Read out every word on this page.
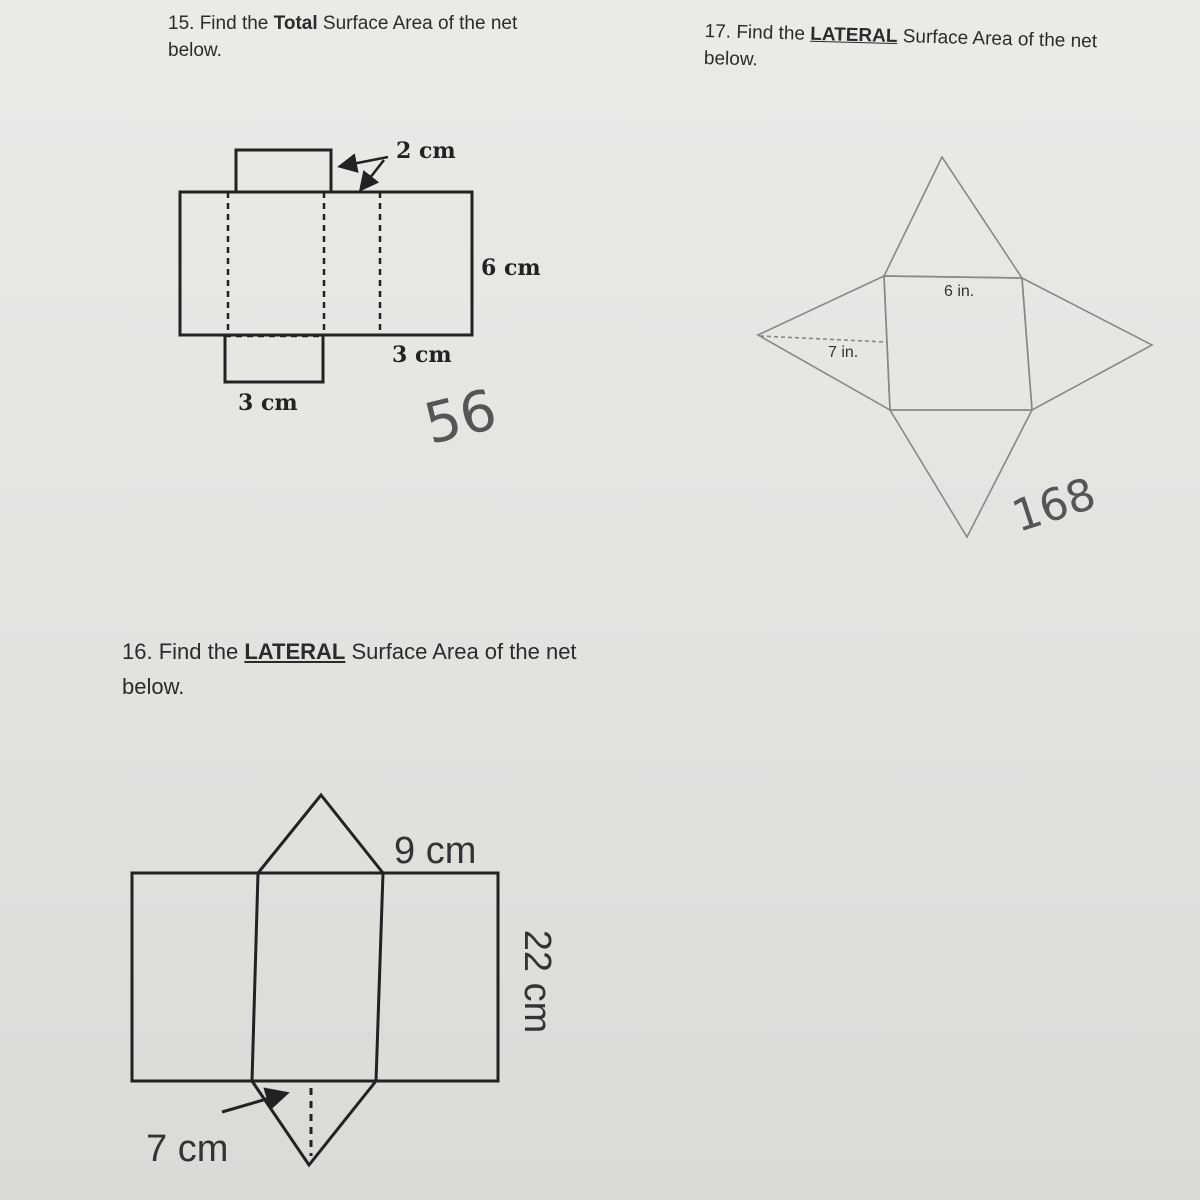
15. Find the Total Surface Area of the net
below.
17. Find the LATERAL Surface Area of the net
below.
16. Find the LATERAL Surface Area of the net
below.
2 cm
6 cm
3 cm
3 cm 56
6 in.
7 in.
168
9 cm
22 cm
7 cm
